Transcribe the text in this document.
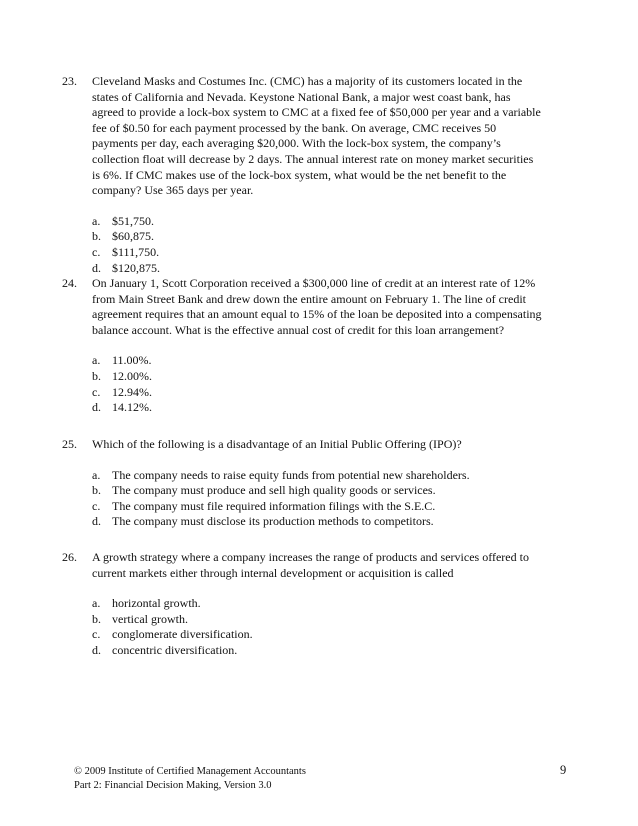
23.	Cleveland Masks and Costumes Inc. (CMC) has a majority of its customers located in the
states of California and Nevada. Keystone National Bank, a major west coast bank, has
agreed to provide a lock-box system to CMC at a fixed fee of $50,000 per year and a variable
fee of $0.50 for each payment processed by the bank. On average, CMC receives 50
payments per day, each averaging $20,000. With the lock-box system, the company’s
collection float will decrease by 2 days. The annual interest rate on money market securities
is 6%. If CMC makes use of the lock-box system, what would be the net benefit to the
company? Use 365 days per year.
a. $51,750.
b. $60,875.
c. $111,750.
d. $120,875.
24.	On January 1, Scott Corporation received a $300,000 line of credit at an interest rate of 12%
from Main Street Bank and drew down the entire amount on February 1. The line of credit
agreement requires that an amount equal to 15% of the loan be deposited into a compensating
balance account. What is the effective annual cost of credit for this loan arrangement?
a. 11.00%.
b. 12.00%.
c. 12.94%.
d. 14.12%.
25.	Which of the following is a disadvantage of an Initial Public Offering (IPO)?
a. The company needs to raise equity funds from potential new shareholders.
b. The company must produce and sell high quality goods or services.
c. The company must file required information filings with the S.E.C.
d. The company must disclose its production methods to competitors.
26.	A growth strategy where a company increases the range of products and services offered to
current markets either through internal development or acquisition is called
a. horizontal growth.
b. vertical growth.
c. conglomerate diversification.
d. concentric diversification.
© 2009 Institute of Certified Management Accountants
Part 2: Financial Decision Making, Version 3.0
9
